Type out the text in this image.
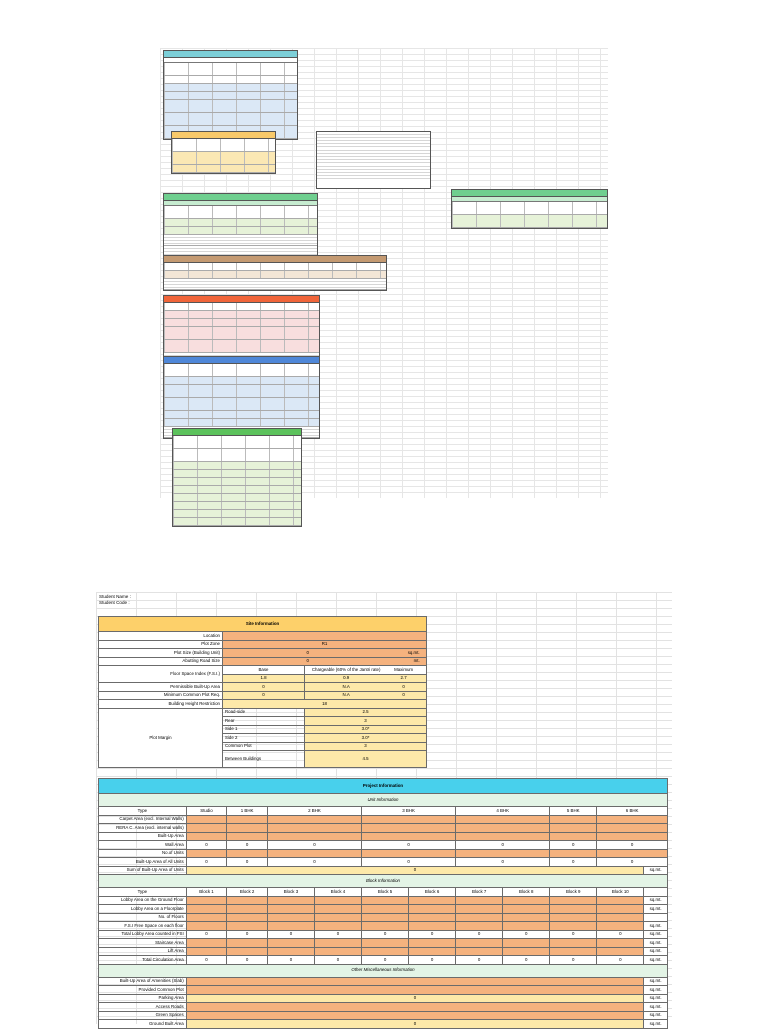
Student Name :
Student Code :
Site Information		
Location		
Plot Zone	R1	
Plot Size (Building Unit)	0 sq.mt.	
Abutting Road Size	0 mt.	
Floor Space Index (F.S.I.)	Base	Chargeable (60% of the Jantri rate) Maximum
	1.8	0.9 2.7
Permissible Built-Up Area	0	N.A 0
Minimum Common Plot Req.	0	N.A 0
Building Height Restriction	18	
Plot Margin	Road-side	2.5
	Rear	3
	Side 1	3.0*
	Side 2	3.0*
	Common Plot	3
	Between Buildings	4.5
Project Information											
Unit Information											
Type	Studio	1 BHK	2 BHK		3 BHK		4 BHK		5 BHK	6 BHK	
Carpet Area (excl. Internal Walls)											
RERA C. Area (excl. internal walls)											
Built-Up Area											
Wall Area	0	0	0		0		0		0	0	
No.of Units											
Built-Up Area of All Units	0	0	0		0		0		0	0	
Sum of Built-Up Area of Units	0										sq.mt.
Block Information											
Type	Block 1	Block 2	Block 3	Block 4	Block 5	Block 6	Block 7	Block 8	Block 9	Block 10	
Lobby Area on the Ground Floor											sq.mt.
Lobby Area on a Floorplate											sq.mt.
No. of Floors											
F.S.I Free Space on each floor											sq.mt.
Total Lobby Area counted in FSI	0	0	0	0	0	0	0	0	0	0	sq.mt.
Staircase Area											sq.mt.
Lift Area											sq.mt.
Total Circulation Area	0	0	0	0	0	0	0	0	0	0	sq.mt.
Other Miscellaneous Information											
Built-Up Area of Amenities (Slab)											sq.mt.
Provided Common Plot											sq.mt.
Parking Area	0										sq.mt.
Access Roads											sq.mt.
Green Spaces											sq.mt.
Ground Built Area	0										sq.mt.
